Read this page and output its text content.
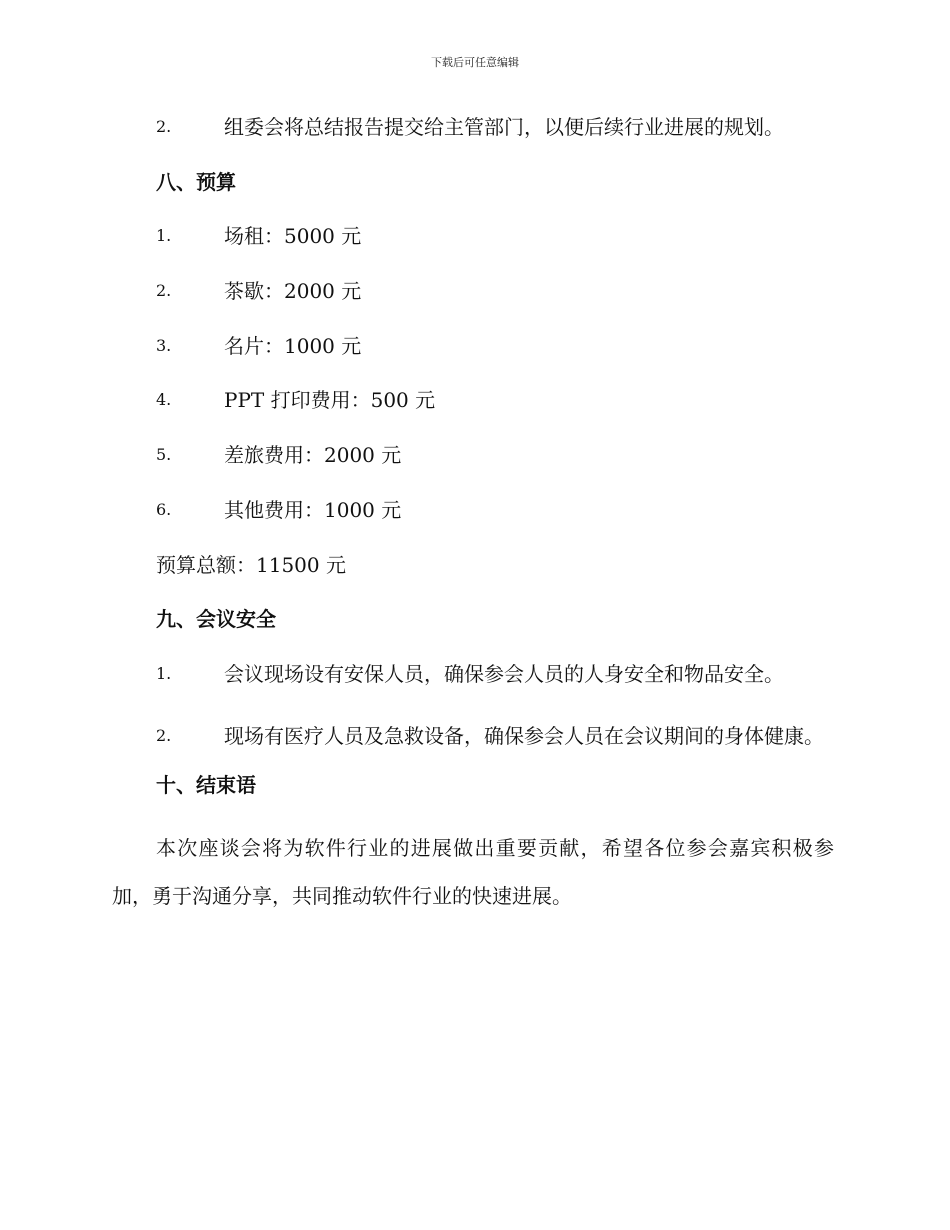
下载后可任意编辑
2.	组委会将总结报告提交给主管部门，以便后续行业进展的规划。
八、预算
1.	场租：5000 元
2.	茶歇：2000 元
3.	名片：1000 元
4.	PPT 打印费用：500 元
5.	差旅费用：2000 元
6.	其他费用：1000 元
预算总额：11500 元
九、会议安全
1.	会议现场设有安保人员，确保参会人员的人身安全和物品安全。
2.	现场有医疗人员及急救设备，确保参会人员在会议期间的身体健康。
十、结束语
本次座谈会将为软件行业的进展做出重要贡献，希望各位参会嘉宾积极参加，勇于沟通分享，共同推动软件行业的快速进展。
